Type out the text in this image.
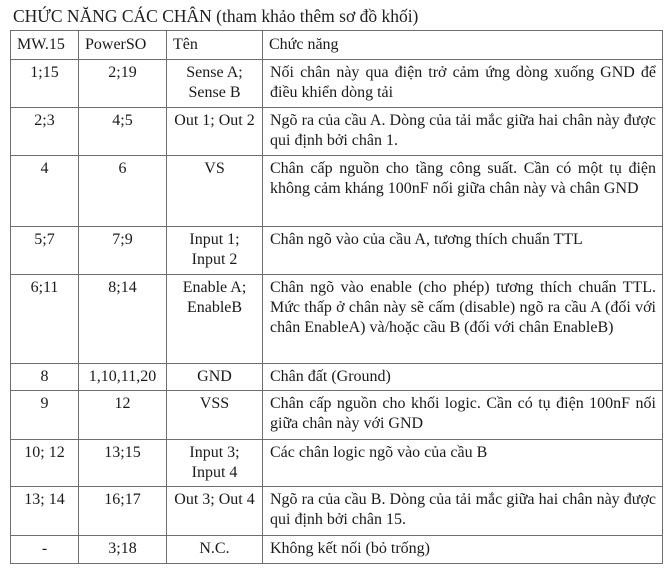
CHỨC NĂNG CÁC CHÂN (tham khảo thêm sơ đồ khối)
MW.15	PowerSO	Tên	Chức năng
1;15	2;19	Sense A; Sense B	Nối chân này qua điện trở cảm ứng dòng xuống GND để điều khiển dòng tải
2;3	4;5	Out 1; Out 2	Ngõ ra của cầu A. Dòng của tải mắc giữa hai chân này được qui định bởi chân 1.
4	6	VS	Chân cấp nguồn cho tầng công suất. Cần có một tụ điện không cảm kháng 100nF nối giữa chân này và chân GND
5;7	7;9	Input 1; Input 2	Chân ngõ vào của cầu A, tương thích chuẩn TTL
6;11	8;14	Enable A; EnableB	Chân ngõ vào enable (cho phép) tương thích chuẩn TTL. Mức thấp ở chân này sẽ cấm (disable) ngõ ra cầu A (đối với chân EnableA) và/hoặc cầu B (đối với chân EnableB)
8	1,10,11,20	GND	Chân đất (Ground)
9	12	VSS	Chân cấp nguồn cho khối logic. Cần có tụ điện 100nF nối giữa chân này với GND
10; 12	13;15	Input 3; Input 4	Các chân logic ngõ vào của cầu B
13; 14	16;17	Out 3; Out 4	Ngõ ra của cầu B. Dòng của tải mắc giữa hai chân này được qui định bởi chân 15.
-	3;18	N.C.	Không kết nối (bỏ trống)
